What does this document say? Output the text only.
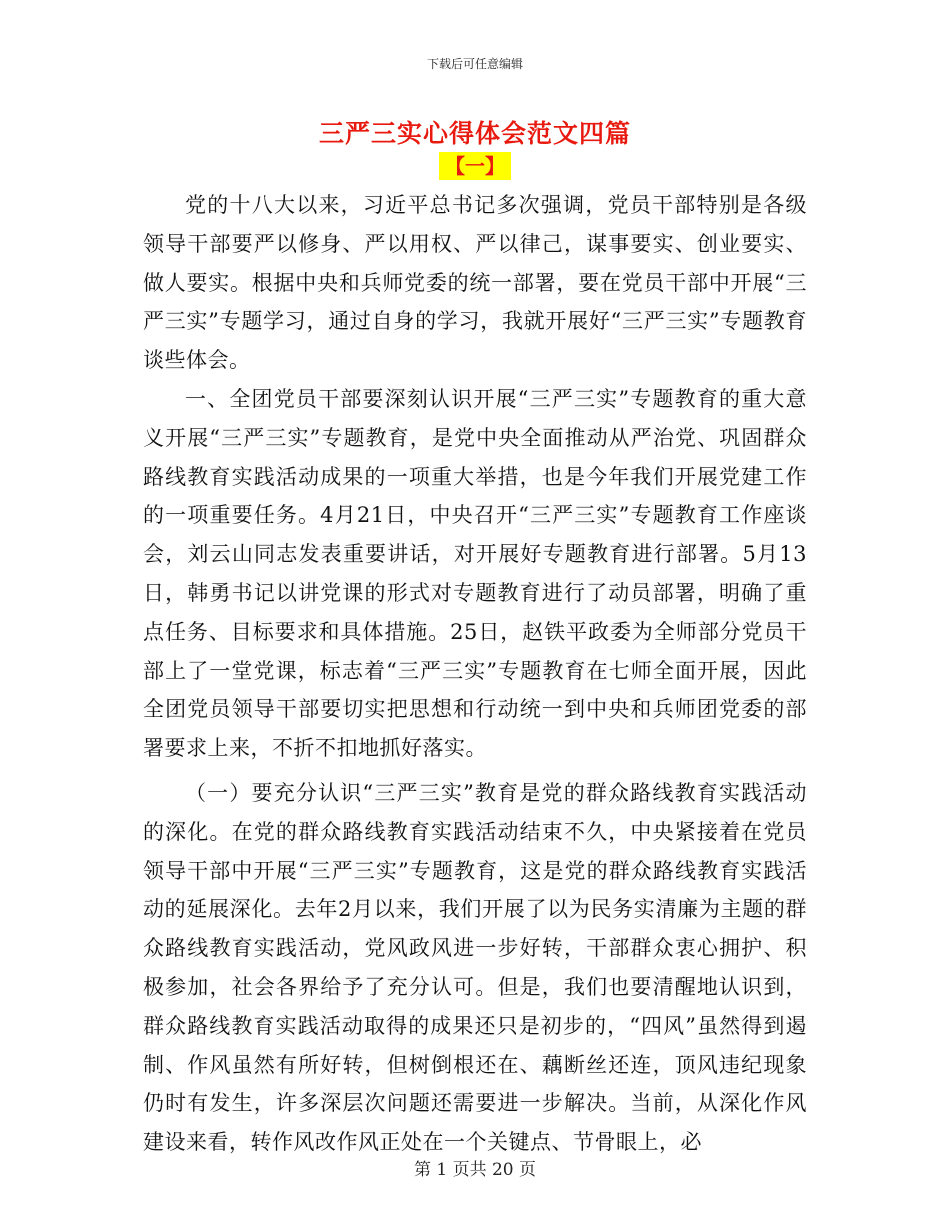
下载后可任意编辑
三严三实心得体会范文四篇
【一】

党的十八大以来，习近平总书记多次强调，党员干部特别是各级领导干部要严以修身、严以用权、严以律己，谋事要实、创业要实、做人要实。根据中央和兵师党委的统一部署，要在党员干部中开展“三严三实”专题学习，通过自身的学习，我就开展好“三严三实”专题教育谈些体会。

一、全团党员干部要深刻认识开展“三严三实”专题教育的重大意义开展“三严三实”专题教育，是党中央全面推动从严治党、巩固群众路线教育实践活动成果的一项重大举措，也是今年我们开展党建工作的一项重要任务。4月21日，中央召开“三严三实”专题教育工作座谈会，刘云山同志发表重要讲话，对开展好专题教育进行部署。5月13日，韩勇书记以讲党课的形式对专题教育进行了动员部署，明确了重点任务、目标要求和具体措施。25日，赵铁平政委为全师部分党员干部上了一堂党课，标志着“三严三实”专题教育在七师全面开展，因此全团党员领导干部要切实把思想和行动统一到中央和兵师团党委的部署要求上来，不折不扣地抓好落实。

（一）要充分认识“三严三实”教育是党的群众路线教育实践活动的深化。在党的群众路线教育实践活动结束不久，中央紧接着在党员领导干部中开展“三严三实”专题教育，这是党的群众路线教育实践活动的延展深化。去年2月以来，我们开展了以为民务实清廉为主题的群众路线教育实践活动，党风政风进一步好转，干部群众衷心拥护、积极参加，社会各界给予了充分认可。但是，我们也要清醒地认识到，群众路线教育实践活动取得的成果还只是初步的，“四风”虽然得到遏制、作风虽然有所好转，但树倒根还在、藕断丝还连，顶风违纪现象仍时有发生，许多深层次问题还需要进一步解决。当前，从深化作风建设来看，转作风改作风正处在一个关键点、节骨眼上，必

第 1 页共 20 页
